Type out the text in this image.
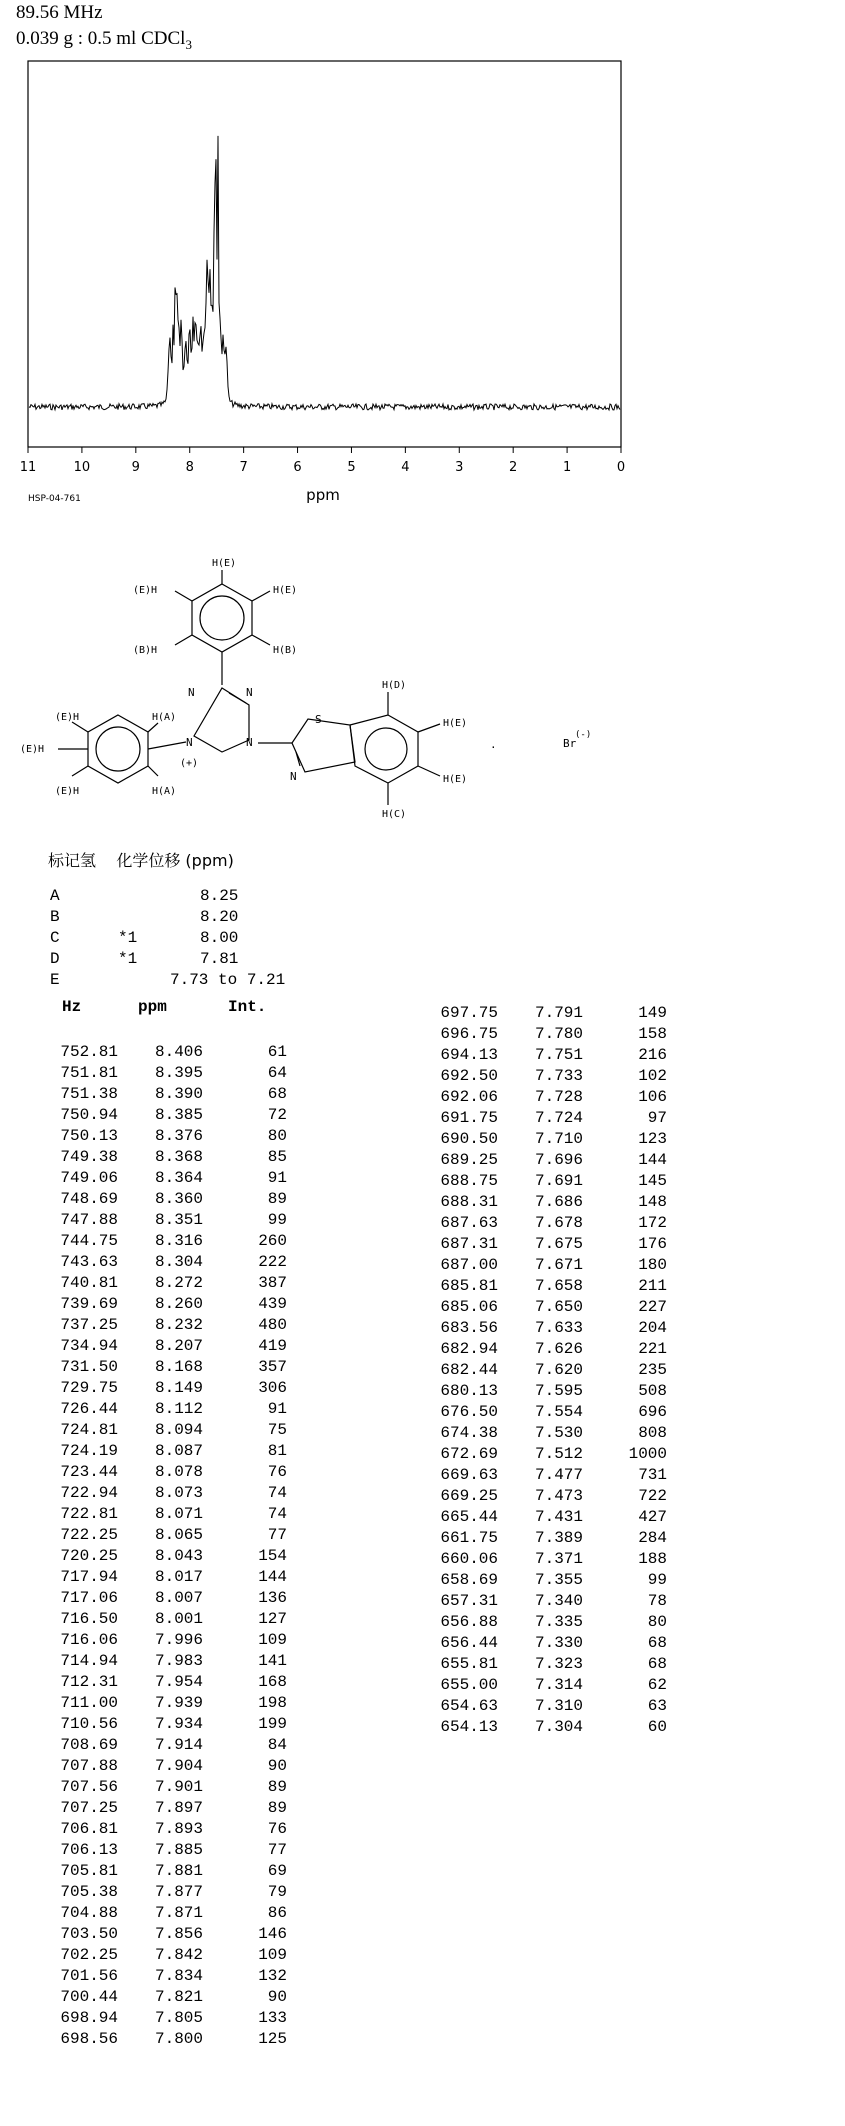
89.56 MHz
0.039 g : 0.5 ml CDCl$_3$
11	10	9	8	7	6	5	4	3	2	1	0
ppm
HSP-04-761
H(E)
(E)H	H(E)
(B)H	H(B)
(E)H	H(A)
(E)H
(E)H	H(A)
(+)
H(D)
H(E)
H(E)
H(C)
N	N
N	N
N
S
.	Br
(-)
标记氢    化学位移 (ppm)
A	8.25
B	8.20
C	*1	8.00
D	*1	7.81
E	7.73 to 7.21
Hz	ppm	Int.
752.81	8.406	61
751.81	8.395	64
751.38	8.390	68
750.94	8.385	72
750.13	8.376	80
749.38	8.368	85
749.06	8.364	91
748.69	8.360	89
747.88	8.351	99
744.75	8.316	260
743.63	8.304	222
740.81	8.272	387
739.69	8.260	439
737.25	8.232	480
734.94	8.207	419
731.50	8.168	357
729.75	8.149	306
726.44	8.112	91
724.81	8.094	75
724.19	8.087	81
723.44	8.078	76
722.94	8.073	74
722.81	8.071	74
722.25	8.065	77
720.25	8.043	154
717.94	8.017	144
717.06	8.007	136
716.50	8.001	127
716.06	7.996	109
714.94	7.983	141
712.31	7.954	168
711.00	7.939	198
710.56	7.934	199
708.69	7.914	84
707.88	7.904	90
707.56	7.901	89
707.25	7.897	89
706.81	7.893	76
706.13	7.885	77
705.81	7.881	69
705.38	7.877	79
704.88	7.871	86
703.50	7.856	146
702.25	7.842	109
701.56	7.834	132
700.44	7.821	90
698.94	7.805	133
698.56	7.800	125
697.75	7.791	149
696.75	7.780	158
694.13	7.751	216
692.50	7.733	102
692.06	7.728	106
691.75	7.724	97
690.50	7.710	123
689.25	7.696	144
688.75	7.691	145
688.31	7.686	148
687.63	7.678	172
687.31	7.675	176
687.00	7.671	180
685.81	7.658	211
685.06	7.650	227
683.56	7.633	204
682.94	7.626	221
682.44	7.620	235
680.13	7.595	508
676.50	7.554	696
674.38	7.530	808
672.69	7.512	1000
669.63	7.477	731
669.25	7.473	722
665.44	7.431	427
661.75	7.389	284
660.06	7.371	188
658.69	7.355	99
657.31	7.340	78
656.88	7.335	80
656.44	7.330	68
655.81	7.323	68
655.00	7.314	62
654.63	7.310	63
654.13	7.304	60
